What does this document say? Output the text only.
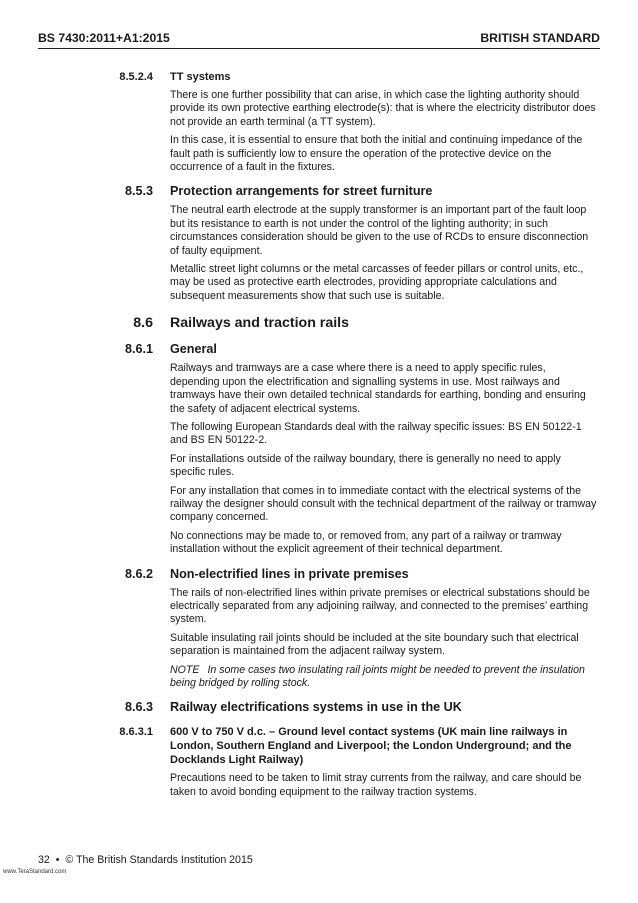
BS 7430:2011+A1:2015	BRITISH STANDARD
8.5.2.4 TT systems

There is one further possibility that can arise, in which case the lighting authority should provide its own protective earthing electrode(s): that is where the electricity distributor does not provide an earth terminal (a TT system).

In this case, it is essential to ensure that both the initial and continuing impedance of the fault path is sufficiently low to ensure the operation of the protective device on the occurrence of a fault in the fixtures.

8.5.3 Protection arrangements for street furniture

The neutral earth electrode at the supply transformer is an important part of the fault loop but its resistance to earth is not under the control of the lighting authority; in such circumstances consideration should be given to the use of RCDs to ensure disconnection of faulty equipment.

Metallic street light columns or the metal carcasses of feeder pillars or control units, etc., may be used as protective earth electrodes, providing appropriate calculations and subsequent measurements show that such use is suitable.

8.6 Railways and traction rails
8.6.1 General

Railways and tramways are a case where there is a need to apply specific rules, depending upon the electrification and signalling systems in use. Most railways and tramways have their own detailed technical standards for earthing, bonding and ensuring the safety of adjacent electrical systems.

The following European Standards deal with the railway specific issues: BS EN 50122-1 and BS EN 50122-2.

For installations outside of the railway boundary, there is generally no need to apply specific rules.

For any installation that comes in to immediate contact with the electrical systems of the railway the designer should consult with the technical department of the railway or tramway company concerned.

No connections may be made to, or removed from, any part of a railway or tramway installation without the explicit agreement of their technical department.

8.6.2 Non-electrified lines in private premises

The rails of non-electrified lines within private premises or electrical substations should be electrically separated from any adjoining railway, and connected to the premises’ earthing system.

Suitable insulating rail joints should be included at the site boundary such that electrical separation is maintained from the adjacent railway system.

NOTE In some cases two insulating rail joints might be needed to prevent the insulation being bridged by rolling stock.

8.6.3 Railway electrifications systems in use in the UK
8.6.3.1 600 V to 750 V d.c. – Ground level contact systems (UK main line railways in London, Southern England and Liverpool; the London Underground; and the Docklands Light Railway)

Precautions need to be taken to limit stray currents from the railway, and care should be taken to avoid bonding equipment to the railway traction systems.

32 • © The British Standards Institution 2015
www.TeraStandard.com
